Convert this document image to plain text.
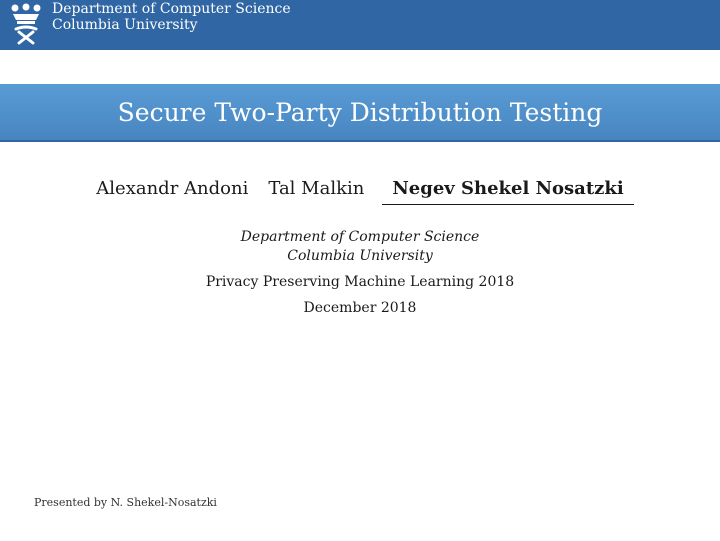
Department of Computer Science
Columbia University
Secure Two-Party Distribution Testing
Alexandr Andoni	Tal Malkin	Negev Shekel Nosatzki
Department of Computer Science
Columbia University
Privacy Preserving Machine Learning 2018
December 2018
Presented by N. Shekel-Nosatzki
